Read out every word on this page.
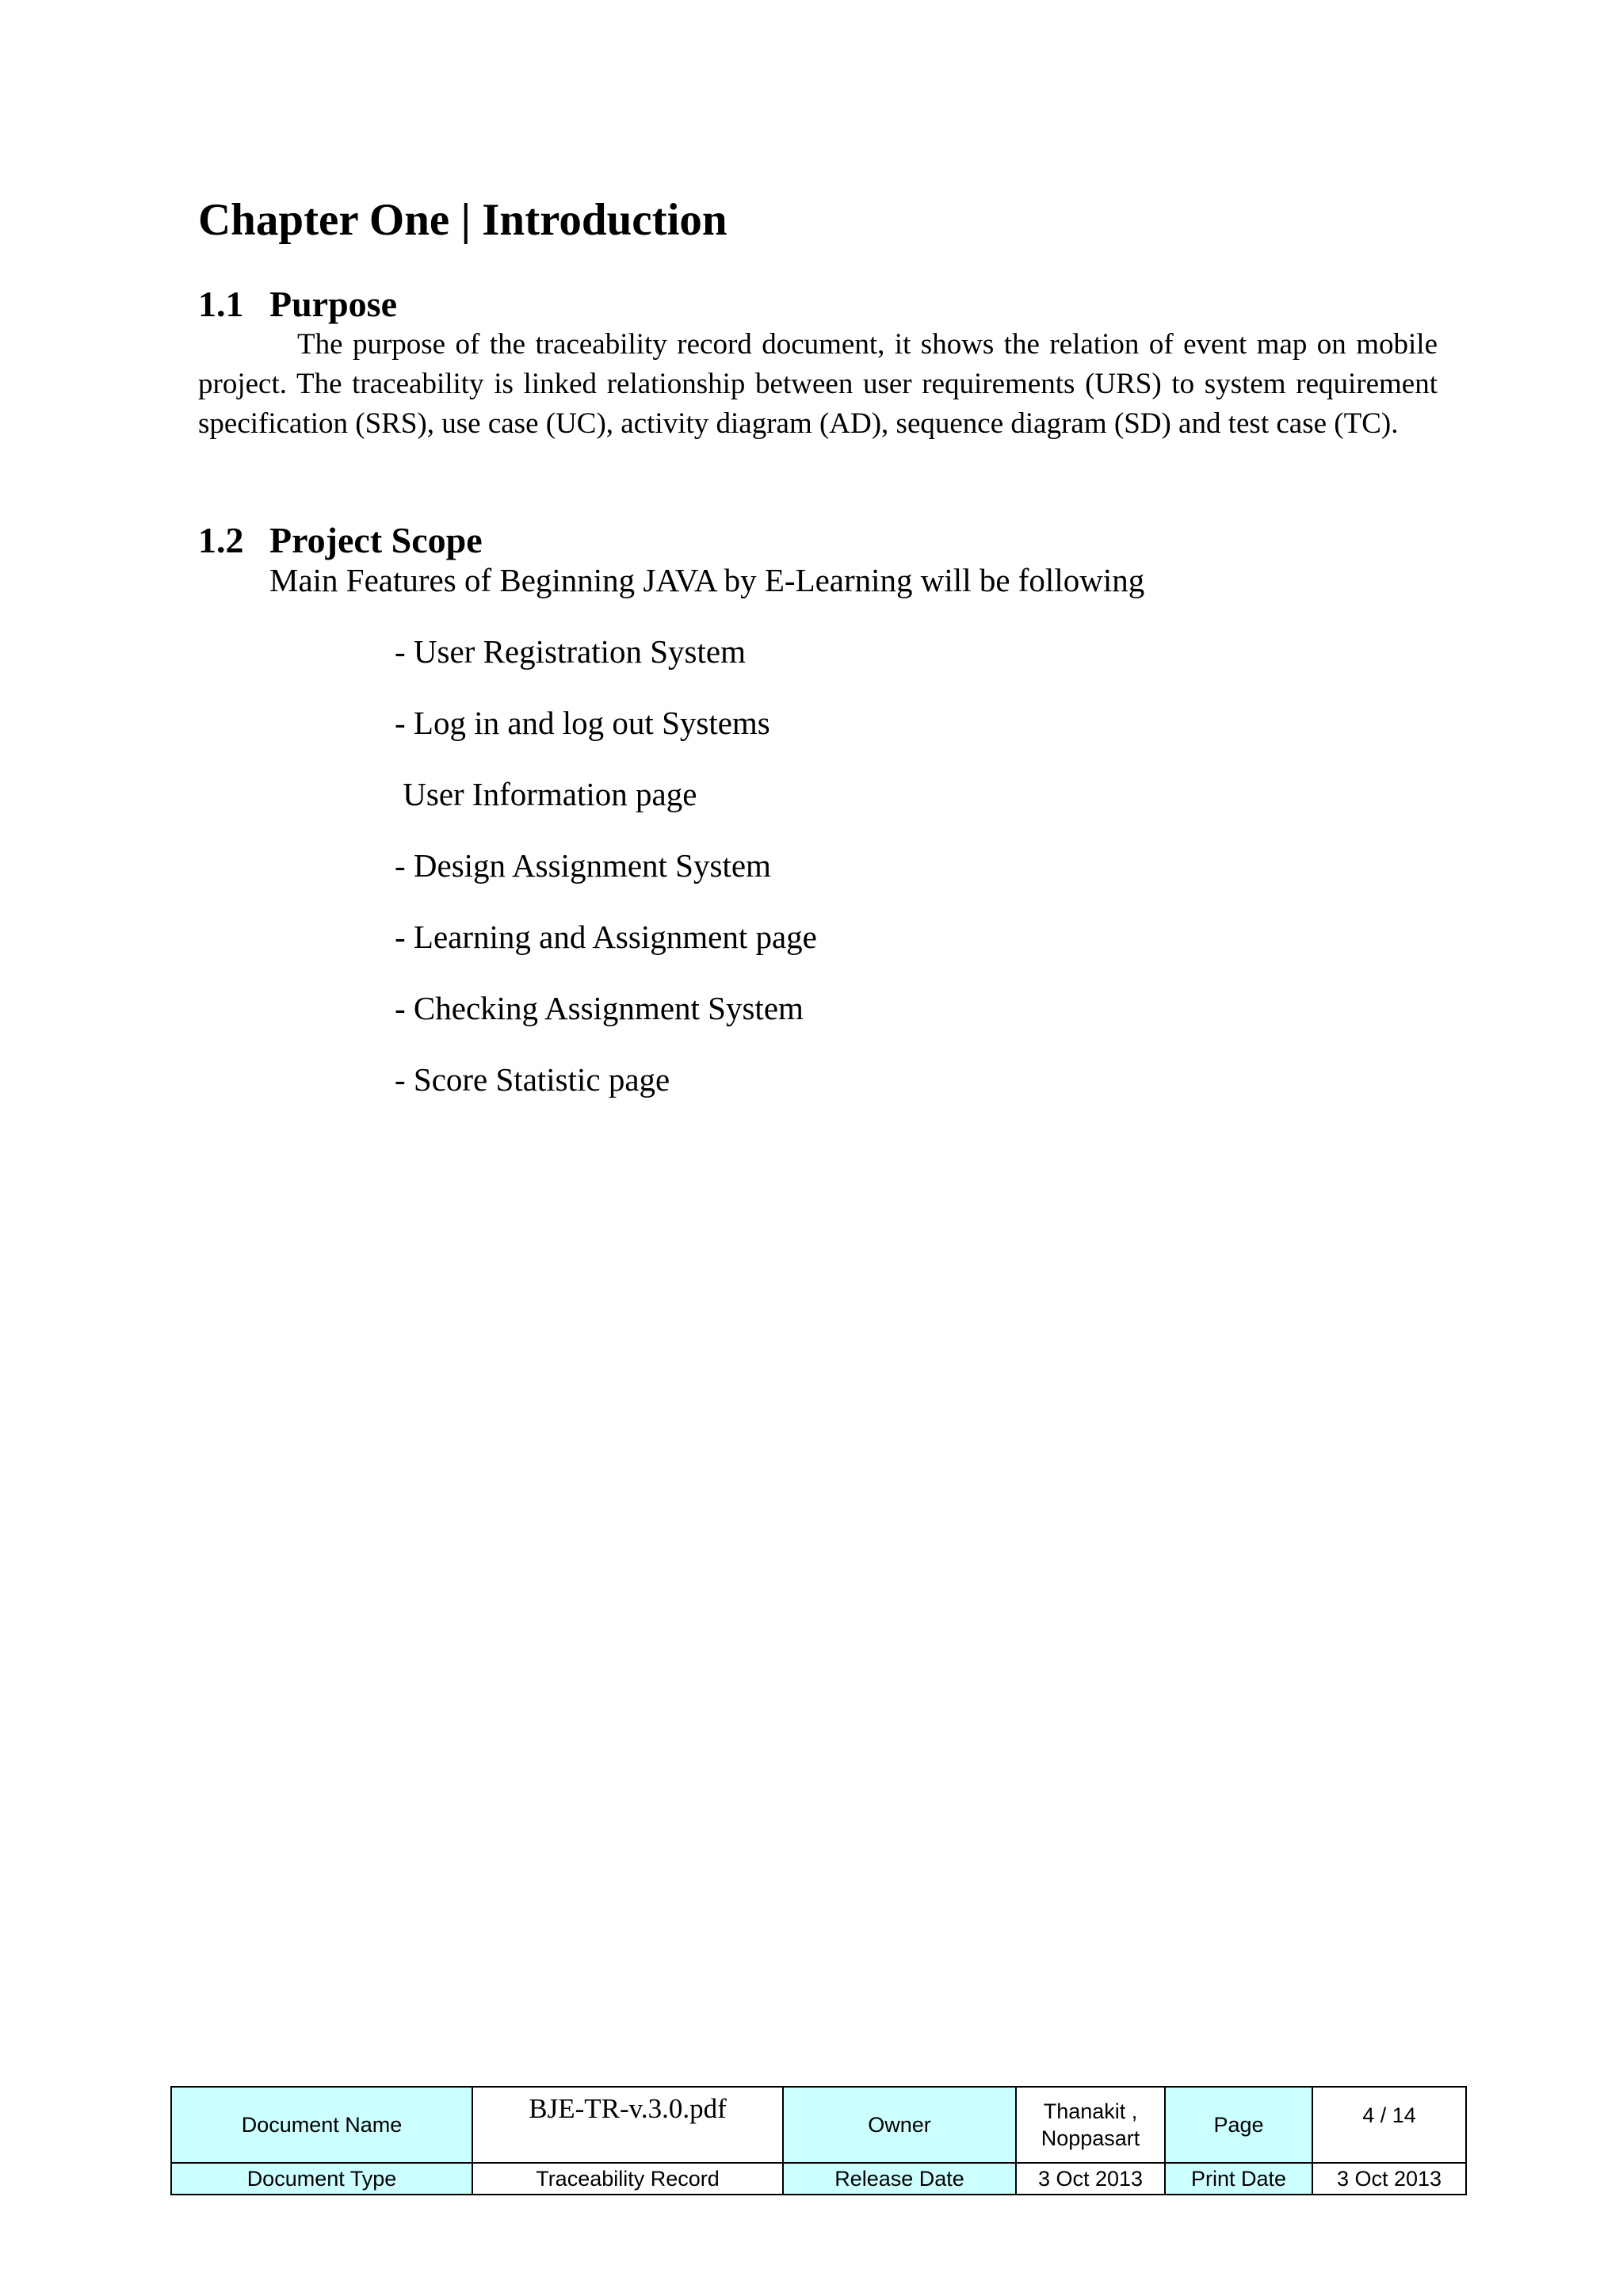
Chapter One | Introduction
1.1 Purpose

The purpose of the traceability record document, it shows the relation of event map on mobile project. The traceability is linked relationship between user requirements (URS) to system requirement specification (SRS), use case (UC), activity diagram (AD), sequence diagram (SD) and test case (TC).

1.2 Project Scope

Main Features of Beginning JAVA by E-Learning will be following

- User Registration System

- Log in and log out Systems

User Information page

- Design Assignment System

- Learning and Assignment page

- Checking Assignment System

- Score Statistic page

Document Name	BJE-TR-v.3.0.pdf	Owner	Thanakit ,
Noppasart	Page	4 / 14
Document Type	Traceability Record	Release Date	3 Oct 2013	Print Date	3 Oct 2013
